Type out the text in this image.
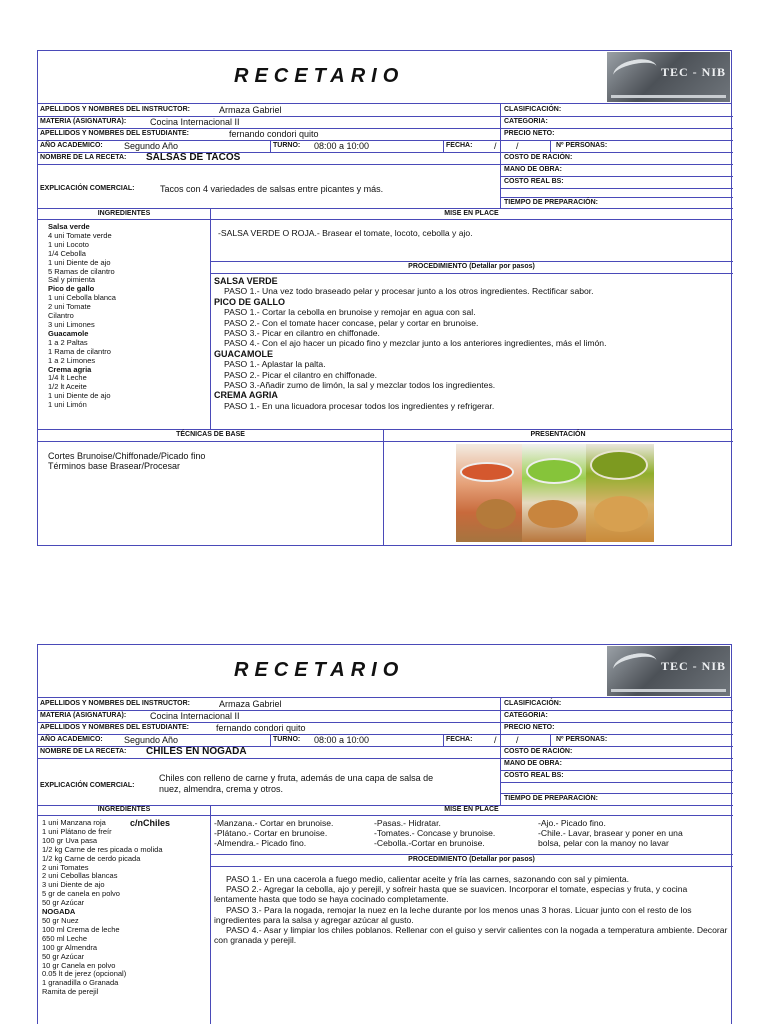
RECETARIO	TEC - NIB
APELLIDOS Y NOMBRES DEL INSTRUCTOR:	Armaza Gabriel	CLASIFICACIÓN:
MATERIA (ASIGNATURA):	Cocina Internacional II	CATEGORIA:
APELLIDOS Y NOMBRES DEL ESTUDIANTE:	fernando condori quito	PRECIO NETO:
AÑO ACADEMICO: Segundo Año	TURNO: 08:00 a 10:00	FECHA: / /	Nº PERSONAS:
NOMBRE DE LA RECETA: SALSAS DE TACOS	COSTO DE RACIÓN:
MANO DE OBRA:
EXPLICACIÓN COMERCIAL:	Tacos con 4 variedades de salsas entre picantes y más.
COSTO REAL BS:
TIEMPO DE PREPARACIÓN:
INGREDIENTES	MISE EN PLACE
Salsa verde
4 uni Tomate verde
1 uni Locoto
1/4 Cebolla
1 uni Diente de ajo
5 Ramas de cilantro
Sal y pimienta
Pico de gallo
1 uni Cebolla blanca
2 uni Tomate
Cilantro
3 uni Limones
Guacamole
1 a 2 Paltas
1 Rama de cilantro
1 a 2 Limones
Crema agria
1/4 lt Leche
1/2 lt Aceite
1 uni Diente de ajo
1 uni Limón
-SALSA VERDE O ROJA.- Brasear el tomate, locoto, cebolla y ajo.
PROCEDIMIENTO (Detallar por pasos)
SALSA VERDE
PASO 1.- Una vez todo braseado pelar y procesar junto a los otros ingredientes. Rectificar sabor.
PICO DE GALLO
PASO 1.- Cortar la cebolla en brunoise y remojar en agua con sal.
PASO 2.- Con el tomate hacer concase, pelar y cortar en brunoise.
PASO 3.- Picar en cilantro en chiffonade.
PASO 4.- Con el ajo hacer un picado fino y mezclar junto a los anteriores ingredientes, más el limón.
GUACAMOLE
PASO 1.- Aplastar la palta.
PASO 2.- Picar el cilantro en chiffonade.
PASO 3.-Añadir zumo de limón, la sal y mezclar todos los ingredientes.
CREMA AGRIA
PASO 1.- En una licuadora procesar todos los ingredientes y refrigerar.
TÉCNICAS DE BASE	PRESENTACIÓN
Cortes Brunoise/Chiffonade/Picado fino
Términos base Brasear/Procesar
RECETARIO	TEC - NIB
APELLIDOS Y NOMBRES DEL INSTRUCTOR:	Armaza Gabriel	CLASIFICACIÓN:
MATERIA (ASIGNATURA):	Cocina Internacional II	CATEGORIA:
APELLIDOS Y NOMBRES DEL ESTUDIANTE:	fernando condori quito	PRECIO NETO:
AÑO ACADEMICO: Segundo Año	TURNO: 08:00 a 10:00	FECHA: / /	Nº PERSONAS:
NOMBRE DE LA RECETA: CHILES EN NOGADA	COSTO DE RACIÓN:
MANO DE OBRA:
COSTO REAL BS:
EXPLICACIÓN COMERCIAL:
Chiles con relleno de carne y fruta, además de una capa de salsa de
nuez, almendra, crema y otros.
TIEMPO DE PREPARACIÓN:
INGREDIENTES	MISE EN PLACE
1 uni Manzana roja
1 uni Plátano de freír
100 gr Uva pasa
1/2 kg Carne de res picada o molida
1/2 kg Carne de cerdo picada
2 uni Tomates
2 uni Cebollas blancas
3 uni Diente de ajo
5 gr de canela en polvo
50 gr Azúcar
NOGADA
50 gr Nuez
100 ml Crema de leche
650 ml Leche
100 gr Almendra
50 gr Azúcar
10 gr Canela en polvo
0.05 lt de jerez (opcional)
1 granadilla o Granada
Ramita de perejil
c/nChiles	-Manzana.- Cortar en brunoise.
-Plátano.- Cortar en brunoise.
-Almendra.- Picado fino.
-Pasas.- Hidratar.
-Tomates.- Concase y brunoise.
-Cebolla.-Cortar en brunoise.
-Ajo.- Picado fino.
-Chile.- Lavar, brasear y poner en una
bolsa, pelar con la manoy no lavar
PROCEDIMIENTO (Detallar por pasos)

PASO 1.- En una cacerola a fuego medio, calientar aceite y fría las carnes, sazonando con sal y pimienta.

PASO 2.- Agregar la cebolla, ajo y perejil, y sofreir hasta que se suavicen. Incorporar el tomate, especias y fruta, y cocina lentamente hasta que todo se haya cocinado completamente.

PASO 3.- Para la nogada, remojar la nuez en la leche durante por los menos unas 3 horas. Licuar junto con el resto de los ingredientes para la salsa y agregar azúcar al gusto.

PASO 4.- Asar y limpiar los chiles poblanos. Rellenar con el guiso y servir calientes con la nogada a temperatura ambiente. Decorar con granada y perejil.
